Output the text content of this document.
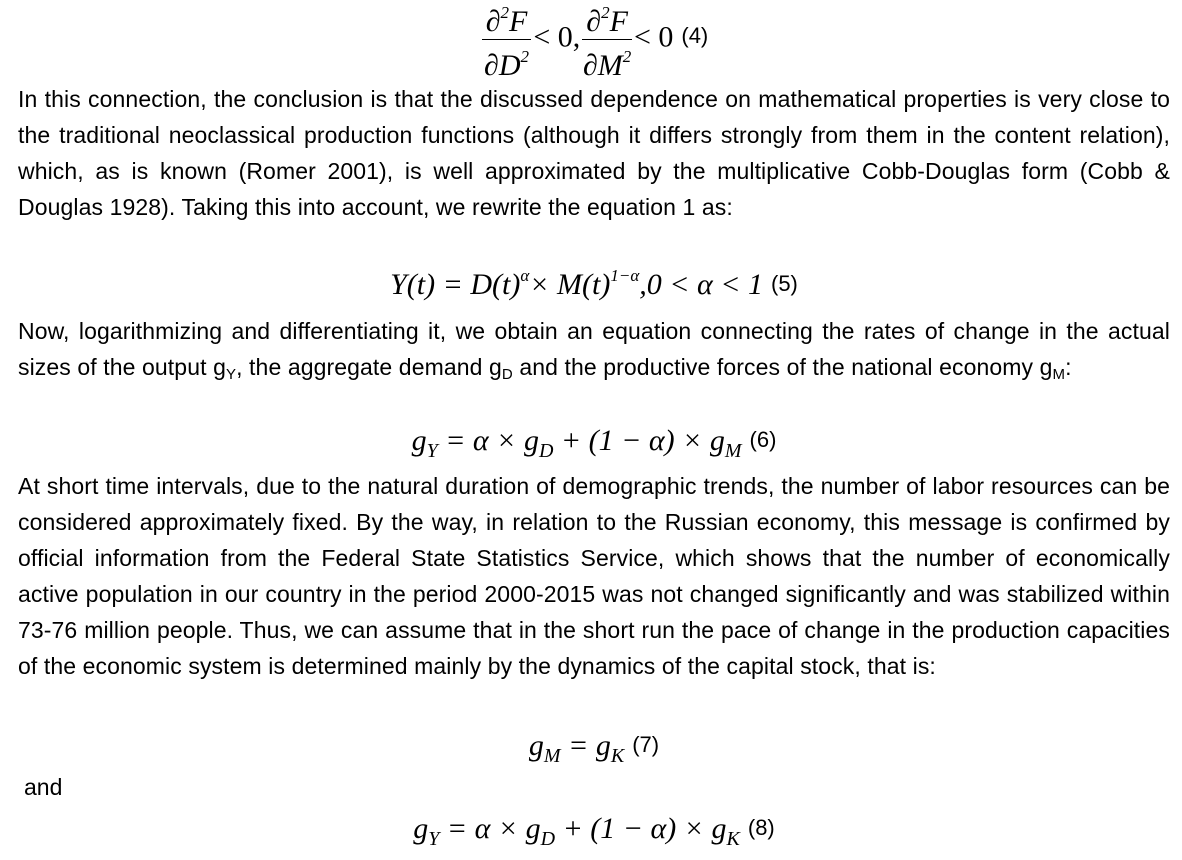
$\frac{\partial^2F}{\partial D^2} < 0$, $\frac{\partial^2F}{\partial M^2} < 0$ (4)

In this connection, the conclusion is that the discussed dependence on mathematical properties is very close to the traditional neoclassical production functions (although it differs strongly from them in the content relation), which, as is known (Romer 2001), is well approximated by the multiplicative Cobb-Douglas form (Cobb & Douglas 1928). Taking this into account, we rewrite the equation 1 as:

$Y(t) = D(t)^\alpha\times M(t)^{1-\alpha},0 < \alpha < 1$ (5)

Now, logarithmizing and differentiating it, we obtain an equation connecting the rates of change in the actual sizes of the output gY, the aggregate demand gD and the productive forces of the national economy gM:

$g_Y = \alpha \times g_D + (1 - \alpha) \times g_M$ (6)

At short time intervals, due to the natural duration of demographic trends, the number of labor resources can be considered approximately fixed. By the way, in relation to the Russian economy, this message is confirmed by official information from the Federal State Statistics Service, which shows that the number of economically active population in our country in the period 2000-2015 was not changed significantly and was stabilized within 73-76 million people. Thus, we can assume that in the short run the pace of change in the production capacities of the economic system is determined mainly by the dynamics of the capital stock, that is:

$g_M = g_K$ (7)
and
$g_Y = \alpha \times g_D + (1 - \alpha) \times g_K$ (8)
